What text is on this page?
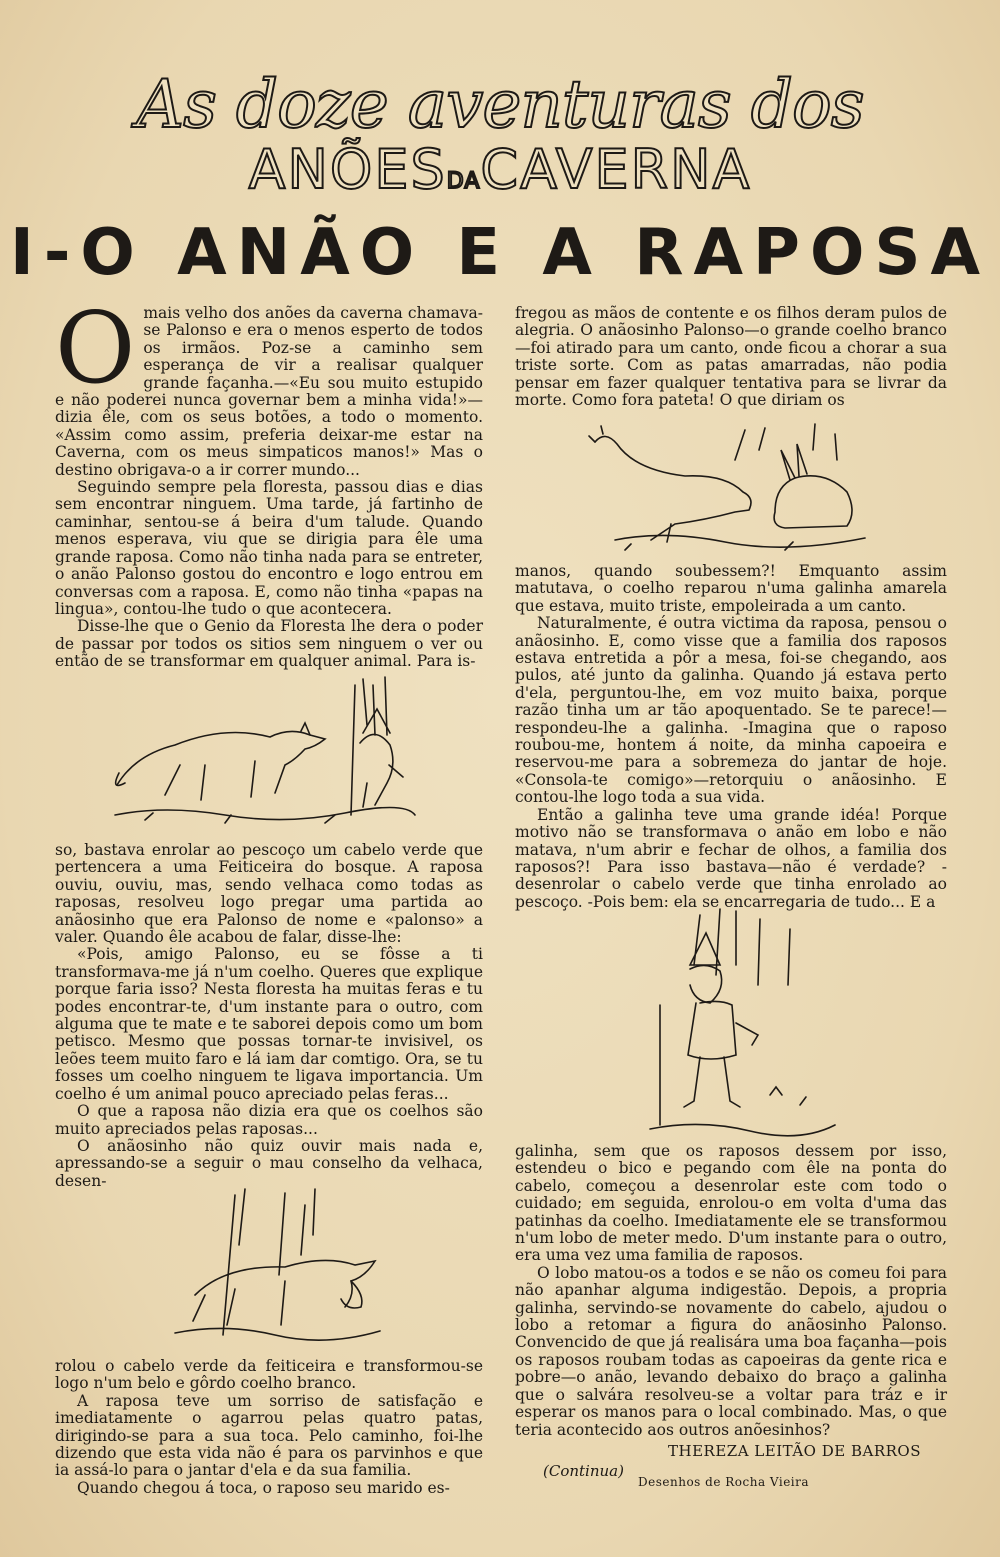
As doze aventuras dos
ANÕESDACAVERNA
I-O ANÃO E A RAPOSA
O mais velho dos anões da caverna chamava-se Palonso e era o menos esperto de todos os irmãos. Poz-se a caminho sem esperança de vir a realisar qualquer grande façanha.—«Eu sou muito estupido e não poderei nunca governar bem a minha vida!»—dizia êle, com os seus botões, a todo o momento. «Assim como assim, preferia deixar-me estar na Caverna, com os meus simpaticos manos!» Mas o destino obrigava-o a ir correr mundo...

Seguindo sempre pela floresta, passou dias e dias sem encontrar ninguem. Uma tarde, já fartinho de caminhar, sentou-se á beira d'um talude. Quando menos esperava, viu que se dirigia para êle uma grande raposa. Como não tinha nada para se entreter, o anão Palonso gostou do encontro e logo entrou em conversas com a raposa. E, como não tinha «papas na lingua», contou-lhe tudo o que acontecera.

Disse-lhe que o Genio da Floresta lhe dera o poder de passar por todos os sitios sem ninguem o ver ou então de se transformar em qualquer animal. Para is-

so, bastava enrolar ao pescoço um cabelo verde que pertencera a uma Feiticeira do bosque. A raposa ouviu, ouviu, mas, sendo velhaca como todas as raposas, resolveu logo pregar uma partida ao anãosinho que era Palonso de nome e «palonso» a valer. Quando êle acabou de falar, disse-lhe:

«Pois, amigo Palonso, eu se fôsse a ti transformava-me já n'um coelho. Queres que explique porque faria isso? Nesta floresta ha muitas feras e tu podes encontrar-te, d'um instante para o outro, com alguma que te mate e te saborei depois como um bom petisco. Mesmo que possas tornar-te invisivel, os leões teem muito faro e lá iam dar comtigo. Ora, se tu fosses um coelho ninguem te ligava importancia. Um coelho é um animal pouco apreciado pelas feras...

O que a raposa não dizia era que os coelhos são muito apreciados pelas raposas...

O anãosinho não quiz ouvir mais nada e, apressando-se a seguir o mau conselho da velhaca, desen-

rolou o cabelo verde da feiticeira e transformou-se logo n'um belo e gôrdo coelho branco.

A raposa teve um sorriso de satisfação e imediatamente o agarrou pelas quatro patas, dirigindo-se para a sua toca. Pelo caminho, foi-lhe dizendo que esta vida não é para os parvinhos e que ia assá-lo para o jantar d'ela e da sua familia.

Quando chegou á toca, o raposo seu marido es-

fregou as mãos de contente e os filhos deram pulos de alegria. O anãosinho Palonso—o grande coelho branco—foi atirado para um canto, onde ficou a chorar a sua triste sorte. Com as patas amarradas, não podia pensar em fazer qualquer tentativa para se livrar da morte. Como fora pateta! O que diriam os

manos, quando soubessem?! Emquanto assim matutava, o coelho reparou n'uma galinha amarela que estava, muito triste, empoleirada a um canto.

Naturalmente, é outra victima da raposa, pensou o anãosinho. E, como visse que a familia dos raposos estava entretida a pôr a mesa, foi-se chegando, aos pulos, até junto da galinha. Quando já estava perto d'ela, perguntou-lhe, em voz muito baixa, porque razão tinha um ar tão apoquentado. Se te parece!—respondeu-lhe a galinha. -Imagina que o raposo roubou-me, hontem á noite, da minha capoeira e reservou-me para a sobremeza do jantar de hoje. «Consola-te comigo»—retorquiu o anãosinho. E contou-lhe logo toda a sua vida.

Então a galinha teve uma grande idéa! Porque motivo não se transformava o anão em lobo e não matava, n'um abrir e fechar de olhos, a familia dos raposos?! Para isso bastava—não é verdade? -desenrolar o cabelo verde que tinha enrolado ao pescoço. -Pois bem: ela se encarregaria de tudo... E a

galinha, sem que os raposos dessem por isso, estendeu o bico e pegando com êle na ponta do cabelo, começou a desenrolar este com todo o cuidado; em seguida, enrolou-o em volta d'uma das patinhas da coelho. Imediatamente ele se transformou n'um lobo de meter medo. D'um instante para o outro, era uma vez uma familia de raposos.

O lobo matou-os a todos e se não os comeu foi para não apanhar alguma indigestão. Depois, a propria galinha, servindo-se novamente do cabelo, ajudou o lobo a retomar a figura do anãosinho Palonso. Convencido de que já realisára uma boa façanha—pois os raposos roubam todas as capoeiras da gente rica e pobre—o anão, levando debaixo do braço a galinha que o salvára resolveu-se a voltar para tráz e ir esperar os manos para o local combinado. Mas, o que teria acontecido aos outros anõesinhos?

THEREZA LEITÃO DE BARROS
(Continua)
Desenhos de Rocha Vieira
